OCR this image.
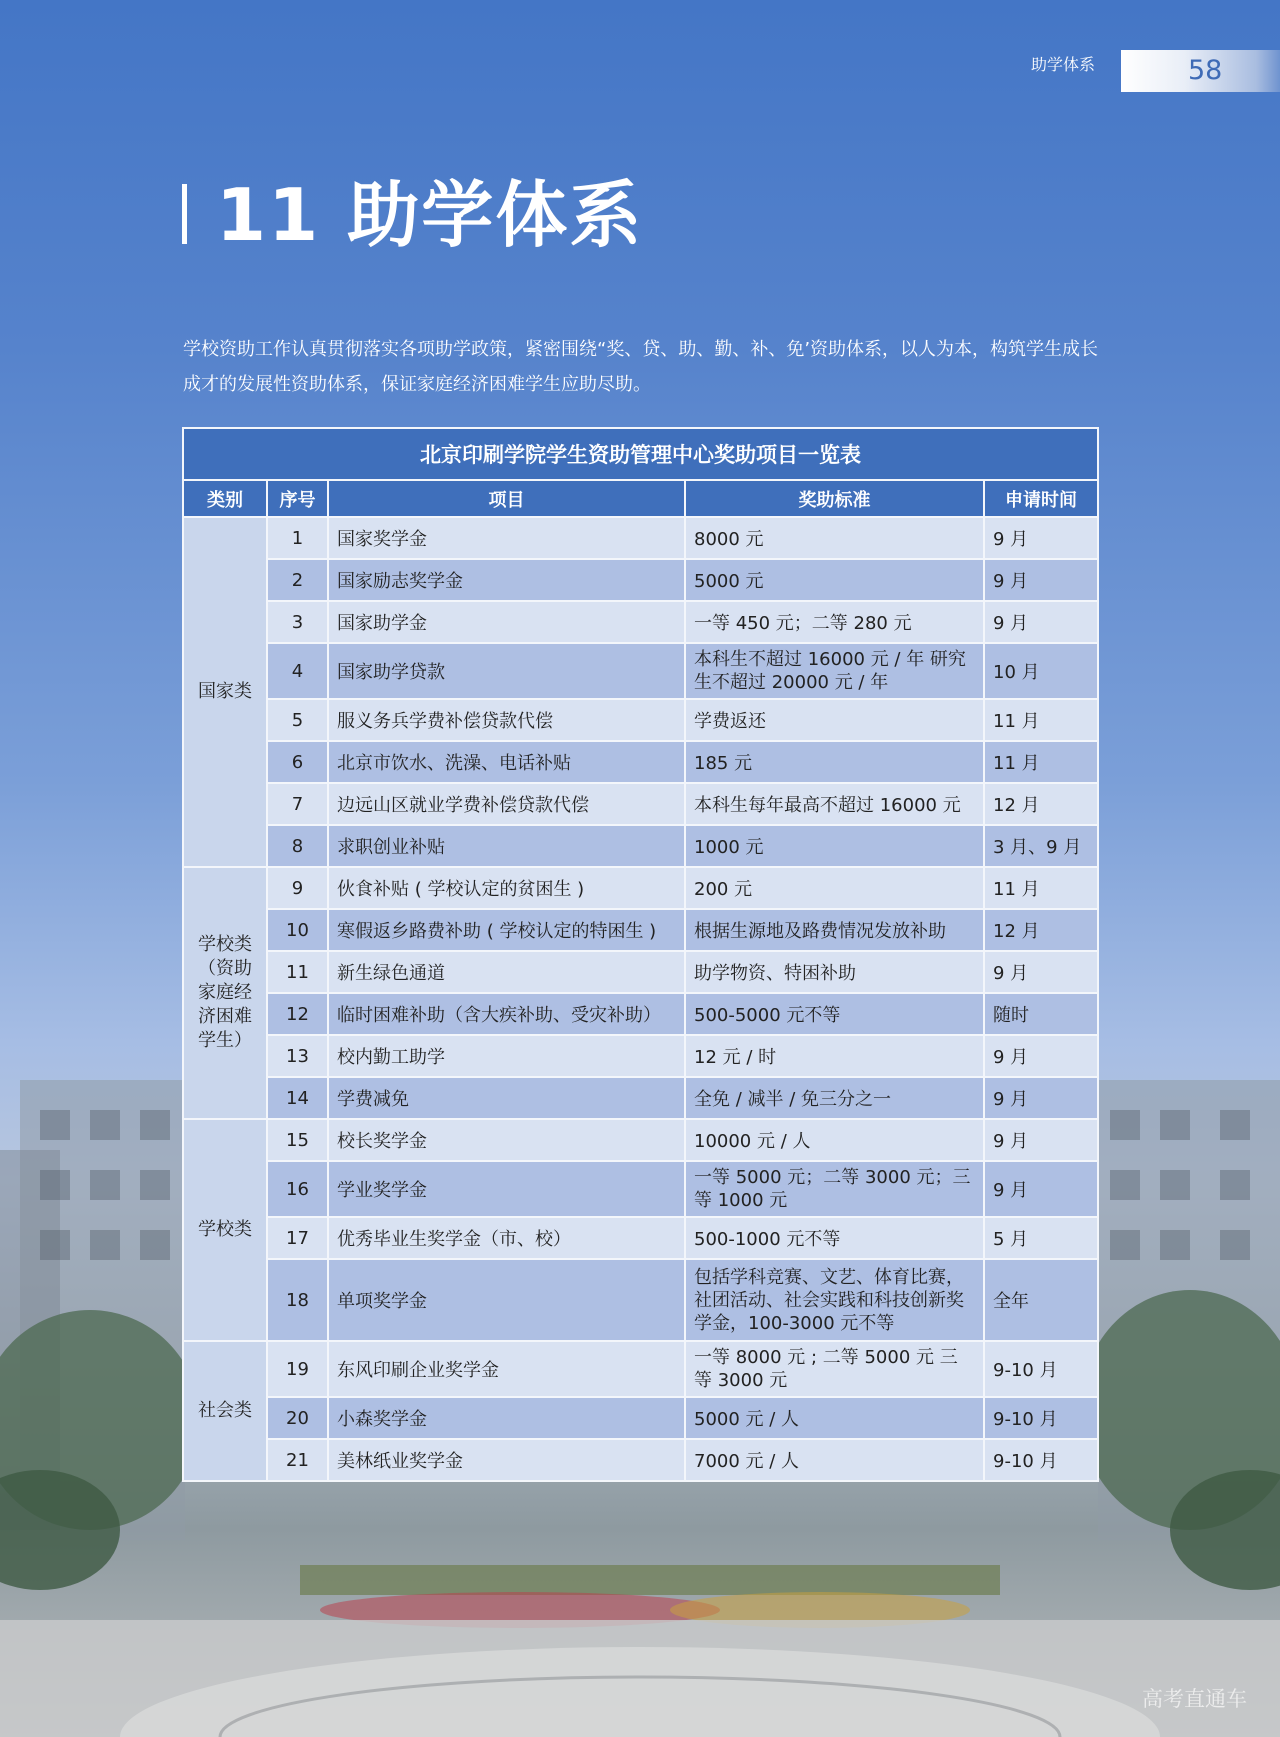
助学体系	58
11 助学体系
学校资助工作认真贯彻落实各项助学政策，紧密围绕“奖、贷、助、勤、补、免’资助体系，以人为本，构筑学生成长成才的发展性资助体系，保证家庭经济困难学生应助尽助。
北京印刷学院学生资助管理中心奖助项目一览表				
类别	序号	项目	奖助标准	申请时间
国家类	1	国家奖学金	8000 元	9 月
	2	国家励志奖学金	5000 元	9 月
	3	国家助学金	一等 450 元；二等 280 元	9 月
	4	国家助学贷款	本科生不超过 16000 元 / 年 研究生不超过 20000 元 / 年	10 月
	5	服义务兵学费补偿贷款代偿	学费返还	11 月
	6	北京市饮水、洗澡、电话补贴	185 元	11 月
	7	边远山区就业学费补偿贷款代偿	本科生每年最高不超过 16000 元	12 月
	8	求职创业补贴	1000 元	3 月、9 月
学校类（资助家庭经济困难学生）	9	伙食补贴 ( 学校认定的贫困生 )	200 元	11 月
	10	寒假返乡路费补助 ( 学校认定的特困生 )	根据生源地及路费情况发放补助	12 月
	11	新生绿色通道	助学物资、特困补助	9 月
	12	临时困难补助（含大疾补助、受灾补助）	500-5000 元不等	随时
	13	校内勤工助学	12 元 / 时	9 月
	14	学费减免	全免 / 减半 / 免三分之一	9 月
学校类	15	校长奖学金	10000 元 / 人	9 月
	16	学业奖学金	一等 5000 元；二等 3000 元；三等 1000 元	9 月
	17	优秀毕业生奖学金（市、校）	500-1000 元不等	5 月
	18	单项奖学金	包括学科竞赛、文艺、体育比赛，社团活动、社会实践和科技创新奖学金，100-3000 元不等	全年
社会类	19	东风印刷企业奖学金	一等 8000 元 ; 二等 5000 元 三等 3000 元	9-10 月
	20	小森奖学金	5000 元 / 人	9-10 月
	21	美林纸业奖学金	7000 元 / 人	9-10 月
高考直通车
